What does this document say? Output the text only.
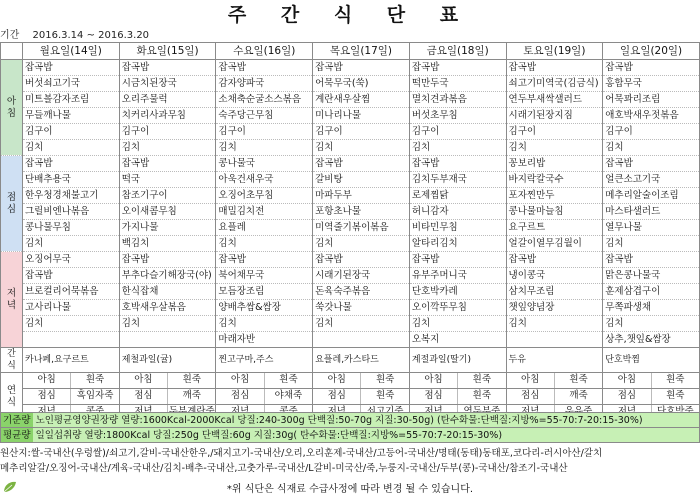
주 간 식 단 표
기간 2016.3.14 ~ 2016.3.20
	월요일(14일)	화요일(15일)	수요일(16일)	목요일(17일)	금요일(18일)	토요일(19일)	일요일(20일)
아침	잡곡밥	잡곡밥	잡곡밥	잡곡밥	잡곡밥	잡곡밥	잡곡밥
	버섯쇠고기국	시금치된장국	감자양파국	어묵무국(쑥)	떡만두국	쇠고기미역국(김금식)	홍합무국
	미트볼감자조림	오리주물럭	소채축순굴소스볶음	계란새우살찜	멸치견과볶음	연두부새싹샐러드	어묵꽈리조림
	무들깨나물	치커리사과무침	숙주당근무침	미나리나물	버섯초무침	시래기된장지짐	애호박새우젓볶음
	김구이	김구이	김구이	김구이	김구이	김구이	김구이
	김치	김치	김치	김치	김치	김치	김치
점심	잡곡밥	잡곡밥	콩나물국	잡곡밥	잡곡밥	꽁보리밥	잡곡밥
	단배추용국	떡국	아욱건새우국	갈비탕	김치두부재국	바지락칼국수	얼큰소고기국
	한우청경채불고기	참조기구이	오징어초무침	마파두부	로제찜닭	포자찐만두	메추리알술이조림
	그릴비엔나볶음	오이새콤무침	매밀김치전	포항초나물	허니감자	콩나물마늘침	마스타샐러드
	콩나물무침	가지나물	요플레	미역줄기볶이볶음	비타민무침	요구르트	열무나물
	김치	백김치	김치	김치	알타리김치	얼갈이열무김월이	김치
저녁	오징어무국	잡곡밥	잡곡밥	잡곡밥	잡곡밥	잡곡밥	잡곡밥
	잡곡밥	부추다슬기해장국(야)	북어채무국	시래기된장국	유부주머니국	냉이콩국	맑은콩나물국
	브로컬리어묵볶음	한식잡채	모듬장조림	돈육숙주볶음	단호박카레	삼치무조림	훈제삼겹구이
	고사리나물	호박새우살볶음	양배추쌈&쌈장	쑥갓나물	오이깍뚜무침	챗잎양념장	무쪽파생채
	김치	김치	김치	김치	김치	김치	김치
			마래자반		오복지		상추,챗잎&쌈장
간식	카나페,요구르트	제철과일(귤)	찐고구마,주스	요플레,카스타드	계절과일(딸기)	두유	단호박찜
연식	아침 흰죽	아침 흰죽	아침 흰죽	아침 흰죽	아침 흰죽	아침 흰죽	아침 흰죽

	점심 흑임자죽	점심 깨죽	점심 야채죽	점심 흰죽	점심 흰죽	점심 깨죽	점심 흰죽

기준량 노인평균영양권장량 열량:1600Kcal-2000Kcal 당질:240-300g 단백질:50-70g 지질:30-50g) (탄수화물:단백질:지방%=55-70:7-20:15-30%)
평균량 일일섭취량 열량:1800Kcal 당질:250g 단백질:60g 지질:30g( 탄수화물:단백질:지방%=55-70:7-20:15-30%)
원산지:쌀-국내산(우렁쌀)/쇠고기,갈비-국내산한우,/돼지고기-국내산/오리,오리훈제-국내산/고등어-국내산/명태(동태)동태포,코다리-러시아산/갈치
메추리알갈/오징어-국내산/계육-국내산/김치-배추-국내산,고춧가루-국내산/L갈비-미국산/죽,누룽지-국내산/두부(콩)-국내산/참조기-국내산
*위 식단은 식재료 수급사정에 따라 변경 될 수 있습니다.
